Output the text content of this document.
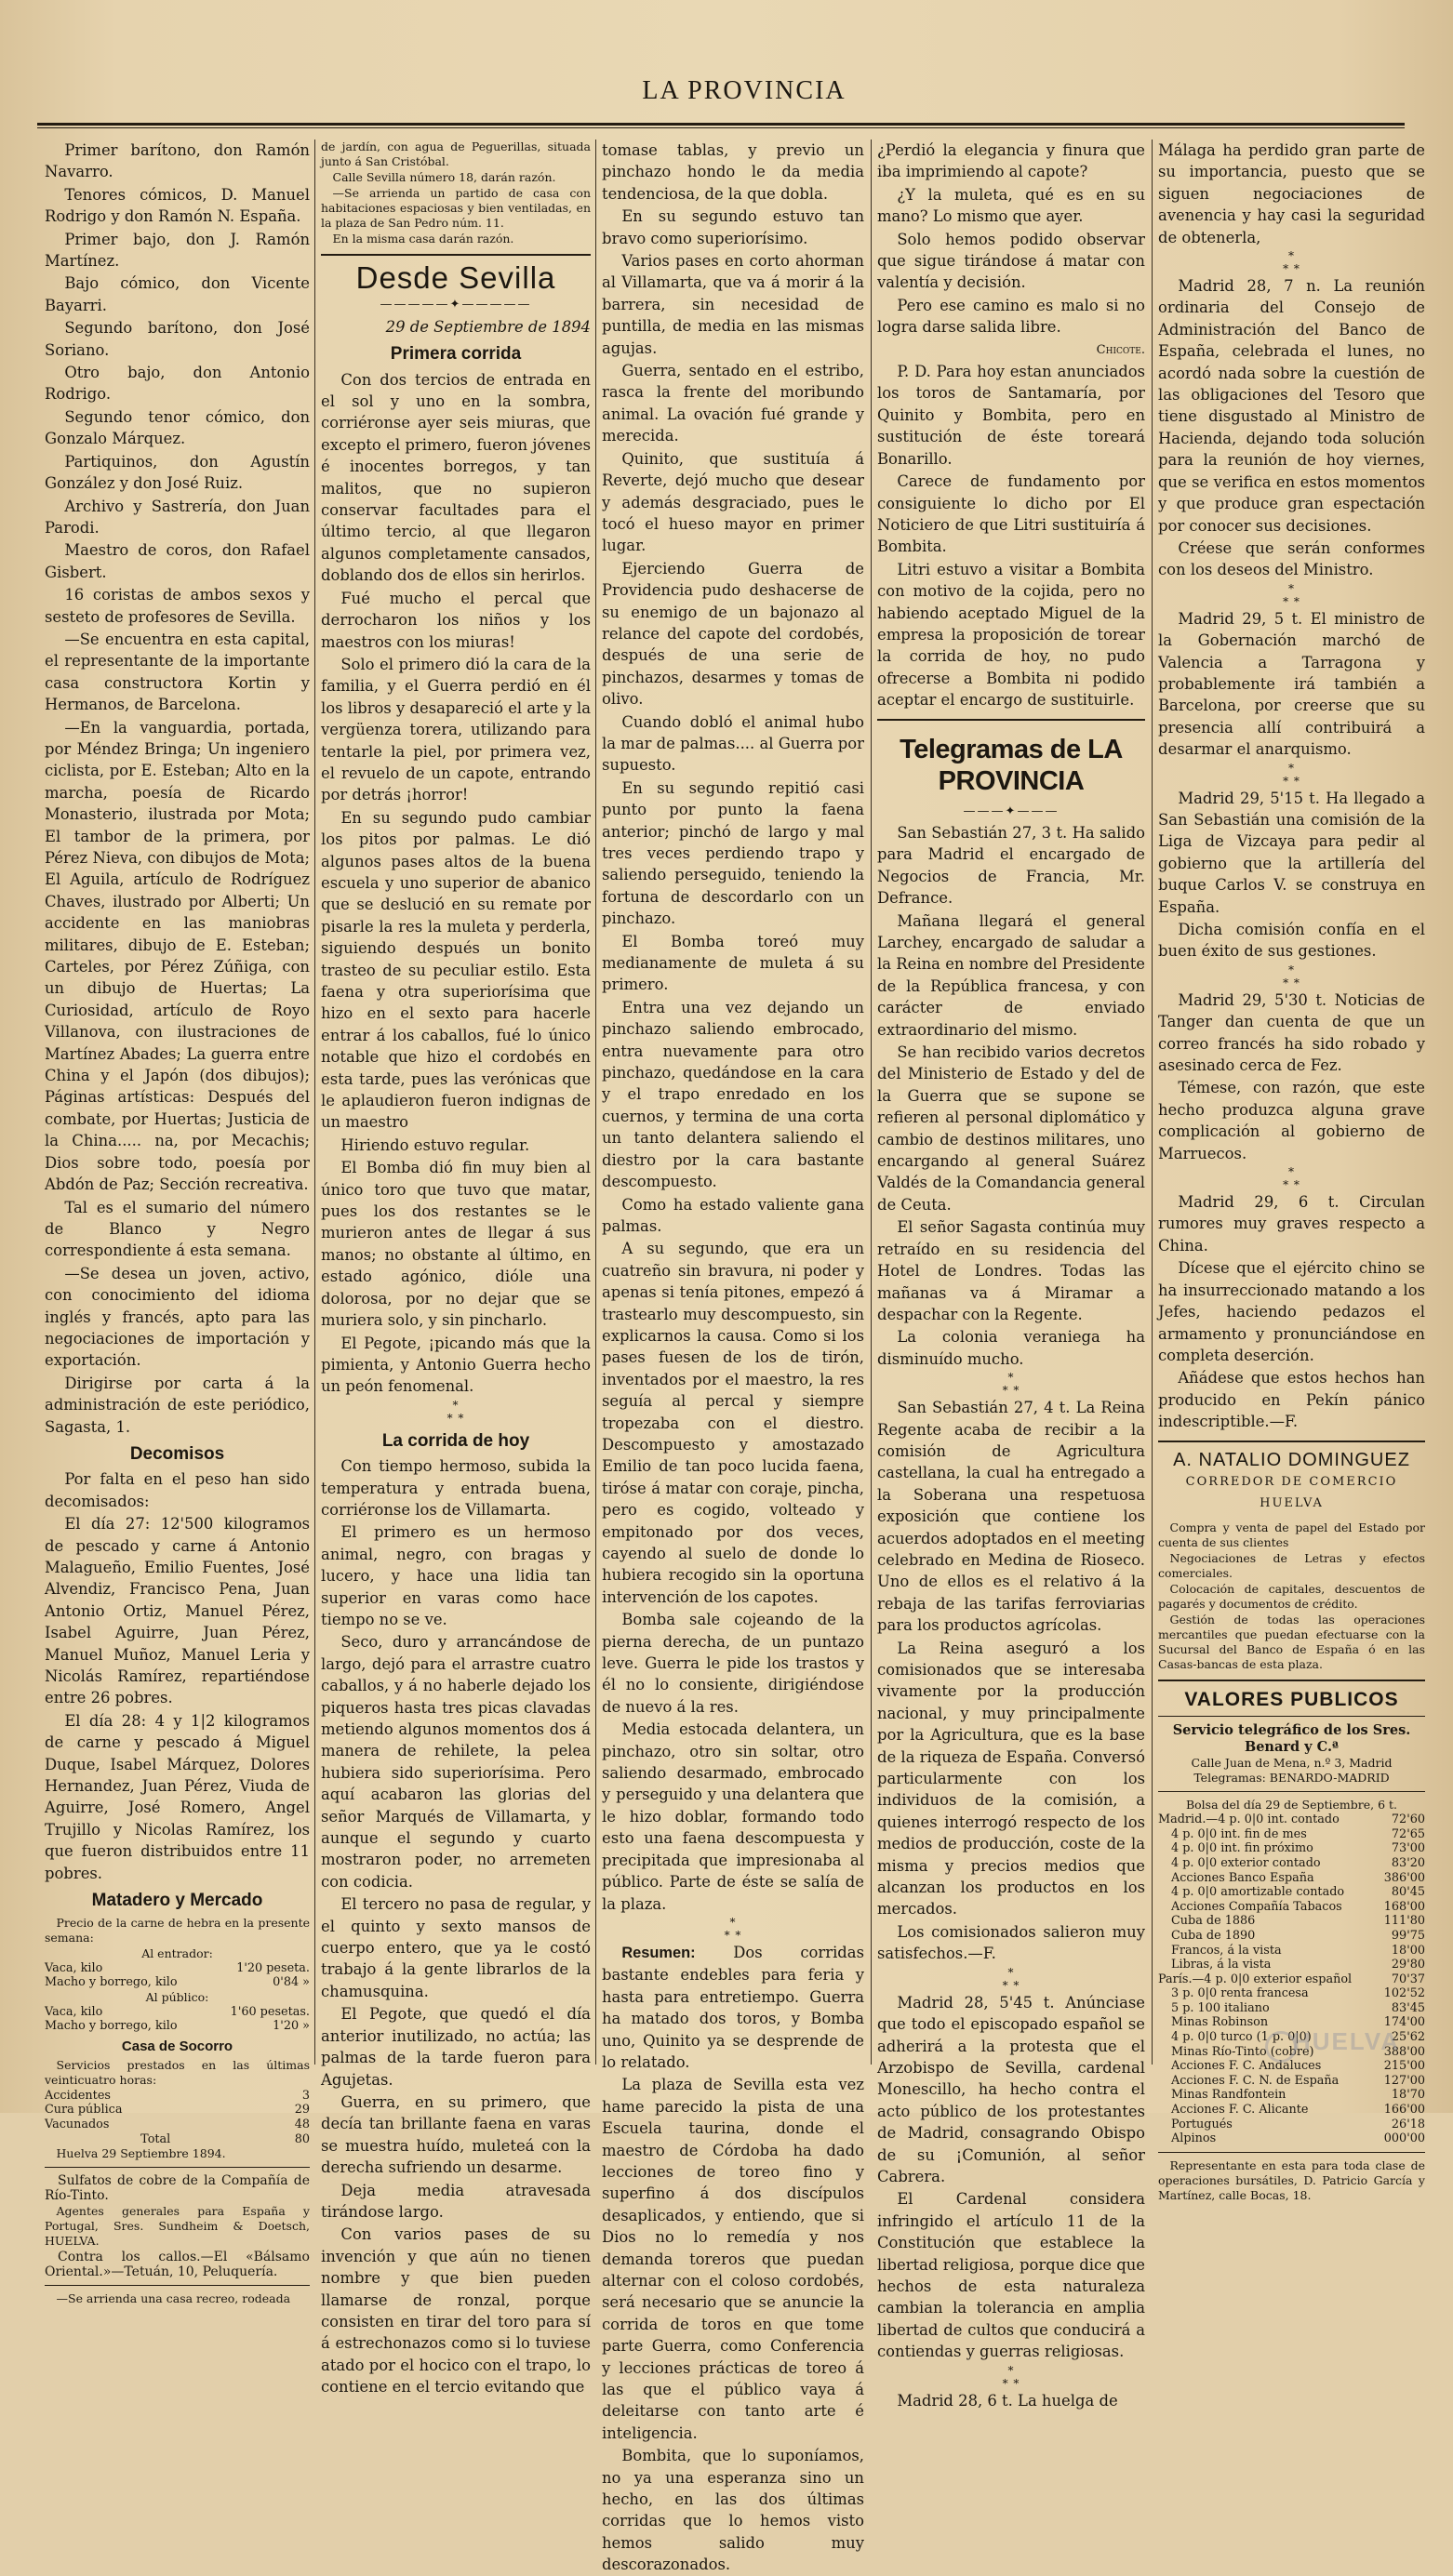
LA PROVINCIA

Primer barítono, don Ramón Navarro.

Tenores cómicos, D. Manuel Rodrigo y don Ramón N. España.

Primer bajo, don J. Ramón Martínez.

Bajo cómico, don Vicente Bayarri.

Segundo barítono, don José Soriano.

Otro bajo, don Antonio Rodrigo.

Segundo tenor cómico, don Gonzalo Márquez.

Partiquinos, don Agustín González y don José Ruiz.

Archivo y Sastrería, don Juan Parodi.

Maestro de coros, don Rafael Gisbert.

16 coristas de ambos sexos y sesteto de profesores de Sevilla.

—Se encuentra en esta capital, el representante de la importante casa constructora Kortin y Hermanos, de Barcelona.

—En la vanguardia, portada, por Méndez Bringa; Un ingeniero ciclista, por E. Esteban; Alto en la marcha, poesía de Ricardo Monasterio, ilustrada por Mota; El tambor de la primera, por Pérez Nieva, con dibujos de Mota; El Aguila, artículo de Rodríguez Chaves, ilustrado por Alberti; Un accidente en las maniobras militares, dibujo de E. Esteban; Carteles, por Pérez Zúñiga, con un dibujo de Huertas; La Curiosidad, artículo de Royo Villanova, con ilustraciones de Martínez Abades; La guerra entre China y el Japón (dos dibujos); Páginas artísticas: Después del combate, por Huertas; Justicia de la China..... na, por Mecachis; Dios sobre todo, poesía por Abdón de Paz; Sección recreativa.

Tal es el sumario del número de Blanco y Negro correspondiente á esta semana.

—Se desea un joven, activo, con conocimiento del idioma inglés y francés, apto para las negociaciones de importación y exportación.

Dirigirse por carta á la administración de este periódico, Sagasta, 1.

Decomisos

Por falta en el peso han sido decomisados:

El día 27: 12'500 kilogramos de pescado y carne á Antonio Malagueño, Emilio Fuentes, José Alvendiz, Francisco Pena, Juan Antonio Ortiz, Manuel Pérez, Isabel Aguirre, Juan Pérez, Manuel Muñoz, Manuel Leria y Nicolás Ramírez, repartiéndose entre 26 pobres.

El día 28: 4 y 1|2 kilogramos de carne y pescado á Miguel Duque, Isabel Márquez, Dolores Hernandez, Juan Pérez, Viuda de Aguirre, José Romero, Angel Trujillo y Nicolas Ramírez, los que fueron distribuidos entre 11 pobres.

Matadero y Mercado

Precio de la carne de hebra en la presente semana:

Al entrador:
Vaca, kilo	1'20 peseta.
Macho y borrego, kilo	0'84 »
Al público:
Vaca, kilo	1'60 pesetas.
Macho y borrego, kilo	1'20 »
Casa de Socorro

Servicios prestados en las últimas veinticuatro horas:

Accidentes	3
Cura pública	29
Vacunados	48
Total	80

Huelva 29 Septiembre 1894.

Sulfatos de cobre de la Compañía de Río-Tinto.

Agentes generales para España y Portugal, Sres. Sundheim & Doetsch, HUELVA.

Contra los callos.—El «Bálsamo Oriental.»—Tetuán, 10, Peluquería.

—Se arrienda una casa recreo, rodeada

de jardín, con agua de Peguerillas, situada junto á San Cristóbal.

Calle Sevilla número 18, darán razón.

—Se arrienda un partido de casa con habitaciones espaciosas y bien ventiladas, en la plaza de San Pedro núm. 11.

En la misma casa darán razón.

Desde Sevilla
—————✦—————
29 de Septiembre de 1894
Primera corrida

Con dos tercios de entrada en el sol y uno en la sombra, corriéronse ayer seis miuras, que excepto el primero, fueron jóvenes é inocentes borregos, y tan malitos, que no supieron conservar facultades para el último tercio, al que llegaron algunos completamente cansados, doblando dos de ellos sin herirlos.

Fué mucho el percal que derrocharon los niños y los maestros con los miuras!

Solo el primero dió la cara de la familia, y el Guerra perdió en él los libros y desapareció el arte y la vergüenza torera, utilizando para tentarle la piel, por primera vez, el revuelo de un capote, entrando por detrás ¡horror!

En su segundo pudo cambiar los pitos por palmas. Le dió algunos pases altos de la buena escuela y uno superior de abanico que se deslució en su remate por pisarle la res la muleta y perderla, siguiendo después un bonito trasteo de su peculiar estilo. Esta faena y otra superiorísima que hizo en el sexto para hacerle entrar á los caballos, fué lo único notable que hizo el cordobés en esta tarde, pues las verónicas que le aplaudieron fueron indignas de un maestro

Hiriendo estuvo regular.

El Bomba dió fin muy bien al único toro que tuvo que matar, pues los dos restantes se le murieron antes de llegar á sus manos; no obstante al último, en estado agónico, dióle una dolorosa, por no dejar que se muriera solo, y sin pincharlo.

El Pegote, ¡picando más que la pimienta, y Antonio Guerra hecho un peón fenomenal.

*
* *
La corrida de hoy

Con tiempo hermoso, subida la temperatura y entrada buena, corriéronse los de Villamarta.

El primero es un hermoso animal, negro, con bragas y lucero, y hace una lidia tan superior en varas como hace tiempo no se ve.

Seco, duro y arrancándose de largo, dejó para el arrastre cuatro caballos, y á no haberle dejado los piqueros hasta tres picas clavadas metiendo algunos momentos dos á manera de rehilete, la pelea hubiera sido superiorísima. Pero aquí acabaron las glorias del señor Marqués de Villamarta, y aunque el segundo y cuarto mostraron poder, no arremeten con codicia.

El tercero no pasa de regular, y el quinto y sexto mansos de cuerpo entero, que ya le costó trabajo á la gente librarlos de la chamusquina.

El Pegote, que quedó el día anterior inutilizado, no actúa; las palmas de la tarde fueron para Agujetas.

Guerra, en su primero, que decía tan brillante faena en varas se muestra huído, muleteá con la derecha sufriendo un desarme.

Deja media atravesada tirándose largo.

Con varios pases de su invención y que aún no tienen nombre y que bien pueden llamarse de ronzal, porque consisten en tirar del toro para sí á estrechonazos como si lo tuviese atado por el hocico con el trapo, lo contiene en el tercio evitando que

tomase tablas, y previo un pinchazo hondo le da media tendenciosa, de la que dobla.

En su segundo estuvo tan bravo como superiorísimo.

Varios pases en corto ahorman al Villamarta, que va á morir á la barrera, sin necesidad de puntilla, de media en las mismas agujas.

Guerra, sentado en el estribo, rasca la frente del moribundo animal. La ovación fué grande y merecida.

Quinito, que sustituía á Reverte, dejó mucho que desear y además desgraciado, pues le tocó el hueso mayor en primer lugar.

Ejerciendo Guerra de Providencia pudo deshacerse de su enemigo de un bajonazo al relance del capote del cordobés, después de una serie de pinchazos, desarmes y tomas de olivo.

Cuando dobló el animal hubo la mar de palmas.... al Guerra por supuesto.

En su segundo repitió casi punto por punto la faena anterior; pinchó de largo y mal tres veces perdiendo trapo y saliendo perseguido, teniendo la fortuna de descordarlo con un pinchazo.

El Bomba toreó muy medianamente de muleta á su primero.

Entra una vez dejando un pinchazo saliendo embrocado, entra nuevamente para otro pinchazo, quedándose en la cara y el trapo enredado en los cuernos, y termina de una corta un tanto delantera saliendo el diestro por la cara bastante descompuesto.

Como ha estado valiente gana palmas.

A su segundo, que era un cuatreño sin bravura, ni poder y apenas si tenía pitones, empezó á trastearlo muy descompuesto, sin explicarnos la causa. Como si los pases fuesen de los de tirón, inventados por el maestro, la res seguía al percal y siempre tropezaba con el diestro. Descompuesto y amostazado Emilio de tan poco lucida faena, tiróse á matar con coraje, pincha, pero es cogido, volteado y empitonado por dos veces, cayendo al suelo de donde lo hubiera recogido sin la oportuna intervención de los capotes.

Bomba sale cojeando de la pierna derecha, de un puntazo leve. Guerra le pide los trastos y él no lo consiente, dirigiéndose de nuevo á la res.

Media estocada delantera, un pinchazo, otro sin soltar, otro saliendo desarmado, embrocado y perseguido y una delantera que le hizo doblar, formando todo esto una faena descompuesta y precipitada que impresionaba al público. Parte de éste se salía de la plaza.

*
* *

Resumen: Dos corridas bastante endebles para feria y hasta para entretiempo. Guerra ha matado dos toros, y Bomba uno, Quinito ya se desprende de lo relatado.

La plaza de Sevilla esta vez hame parecido la pista de una Escuela taurina, donde el maestro de Córdoba ha dado lecciones de toreo fino y superfino á dos discípulos desaplicados, y entiendo, que si Dios no lo remedía y nos demanda toreros que puedan alternar con el coloso cordobés, será necesario que se anuncie la corrida de toros en que tome parte Guerra, como Conferencia y lecciones prácticas de toreo á las que el público vaya á deleitarse con tanto arte é inteligencia.

Bombita, que lo suponíamos, no ya una esperanza sino un hecho, en las dos últimas corridas que lo hemos visto hemos salido muy descorazonados.

¿Perdió la elegancia y finura que iba imprimiendo al capote?

¿Y la muleta, qué es en su mano? Lo mismo que ayer.

Solo hemos podido observar que sigue tirándose á matar con valentía y decisión.

Pero ese camino es malo si no logra darse salida libre.

Chicote.

P. D. Para hoy estan anunciados los toros de Santamaría, por Quinito y Bombita, pero en sustitución de éste toreará Bonarillo.

Carece de fundamento por consiguiente lo dicho por El Noticiero de que Litri sustituiría á Bombita.

Litri estuvo a visitar a Bombita con motivo de la cojida, pero no habiendo aceptado Miguel de la empresa la proposición de torear la corrida de hoy, no pudo ofrecerse a Bombita ni podido aceptar el encargo de sustituirle.

Telegramas de LA PROVINCIA
———✦———

San Sebastián 27, 3 t. Ha salido para Madrid el encargado de Negocios de Francia, Mr. Defrance.

Mañana llegará el general Larchey, encargado de saludar a la Reina en nombre del Presidente de la República francesa, y con carácter de enviado extraordinario del mismo.

Se han recibido varios decretos del Ministerio de Estado y del de la Guerra que se supone se refieren al personal diplomático y cambio de destinos militares, uno encargando al general Suárez Valdés de la Comandancia general de Ceuta.

El señor Sagasta continúa muy retraído en su residencia del Hotel de Londres. Todas las mañanas va á Miramar a despachar con la Regente.

La colonia veraniega ha disminuído mucho.

*
* *

San Sebastián 27, 4 t. La Reina Regente acaba de recibir a la comisión de Agricultura castellana, la cual ha entregado a la Soberana una respetuosa exposición que contiene los acuerdos adoptados en el meeting celebrado en Medina de Rioseco. Uno de ellos es el relativo á la rebaja de las tarifas ferroviarias para los productos agrícolas.

La Reina aseguró a los comisionados que se interesaba vivamente por la producción nacional, y muy principalmente por la Agricultura, que es la base de la riqueza de España. Conversó particularmente con los individuos de la comisión, a quienes interrogó respecto de los medios de producción, coste de la misma y precios medios que alcanzan los productos en los mercados.

Los comisionados salieron muy satisfechos.—F.

*
* *

Madrid 28, 5'45 t. Anúnciase que todo el episcopado español se adherirá a la protesta que el Arzobispo de Sevilla, cardenal Monescillo, ha hecho contra el acto público de los protestantes de Madrid, consagrando Obispo de su ¡Comunión, al señor Cabrera.

El Cardenal considera infringido el artículo 11 de la Constitución que establece la libertad religiosa, porque dice que hechos de esta naturaleza cambian la tolerancia en amplia libertad de cultos que conducirá a contiendas y guerras religiosas.

*
* *

Madrid 28, 6 t. La huelga de

Málaga ha perdido gran parte de su importancia, puesto que se siguen negociaciones de avenencia y hay casi la seguridad de obtenerla,

*
* *

Madrid 28, 7 n. La reunión ordinaria del Consejo de Administración del Banco de España, celebrada el lunes, no acordó nada sobre la cuestión de las obligaciones del Tesoro que tiene disgustado al Ministro de Hacienda, dejando toda solución para la reunión de hoy viernes, que se verifica en estos momentos y que produce gran espectación por conocer sus decisiones.

Créese que serán conformes con los deseos del Ministro.

*
* *

Madrid 29, 5 t. El ministro de la Gobernación marchó de Valencia a Tarragona y probablemente irá también a Barcelona, por creerse que su presencia allí contribuirá a desarmar el anarquismo.

*
* *

Madrid 29, 5'15 t. Ha llegado a San Sebastián una comisión de la Liga de Vizcaya para pedir al gobierno que la artillería del buque Carlos V. se construya en España.

Dicha comisión confía en el buen éxito de sus gestiones.

*
* *

Madrid 29, 5'30 t. Noticias de Tanger dan cuenta de que un correo francés ha sido robado y asesinado cerca de Fez.

Témese, con razón, que este hecho produzca alguna grave complicación al gobierno de Marruecos.

*
* *

Madrid 29, 6 t. Circulan rumores muy graves respecto a China.

Dícese que el ejército chino se ha insurreccionado matando a los Jefes, haciendo pedazos el armamento y pronunciándose en completa deserción.

Añádese que estos hechos han producido en Pekín pánico indescriptible.—F.

A. NATALIO DOMINGUEZ
CORREDOR DE COMERCIO
HUELVA

Compra y venta de papel del Estado por cuenta de sus clientes

Negociaciones de Letras y efectos comerciales.

Colocación de capitales, descuentos de pagarés y documentos de crédito.

Gestión de todas las operaciones mercantiles que puedan efectuarse con la Sucursal del Banco de España ó en las Casas-bancas de esta plaza.

VALORES PUBLICOS
Servicio telegráfico de los Sres. Benard y C.ª
Calle Juan de Mena, n.º 3, Madrid
Telegramas: BENARDO-MADRID
Bolsa del día 29 de Septiembre, 6 t.
Madrid.—4 p. 0|0 int. contado	72'60
4 p. 0|0 int. fin de mes	72'65
4 p. 0|0 int. fin próximo	73'00
4 p. 0|0 exterior contado	83'20
Acciones Banco España	386'00
4 p. 0|0 amortizable contado	80'45
Acciones Compañía Tabacos	168'00
Cuba de 1886	111'80
Cuba de 1890	99'75
Francos, á la vista	18'00
Libras, á la vista	29'80
París.—4 p. 0|0 exterior español	70'37
3 p. 0|0 renta francesa	102'52
5 p. 100 italiano	83'45
Minas Robinson	174'00
4 p. 0|0 turco (1 p. 0|0)	25'62
Minas Río-Tinto (cobre)	388'00
Acciones F. C. Andaluces	215'00
Acciones F. C. N. de España	127'00
Minas Randfontein	18'70
Acciones F. C. Alicante	166'00
Portugués	26'18
Alpinos	000'00

Representante en esta para toda clase de operaciones bursátiles, D. Patricio García y Martínez, calle Bocas, 18.

HUELVA
